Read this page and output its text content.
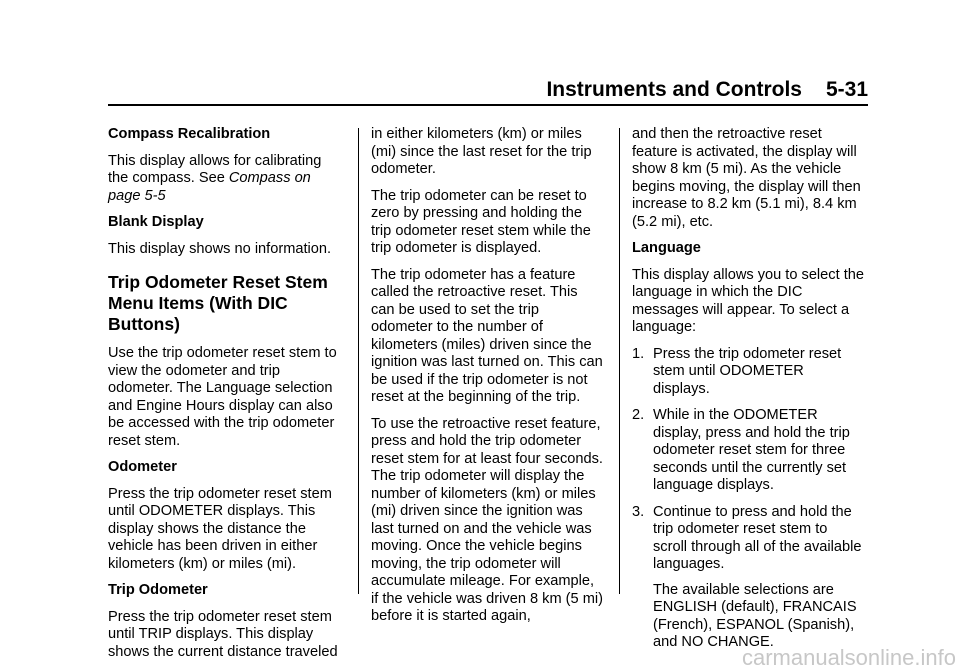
Instruments and Controls 5-31

Compass Recalibration

This display allows for calibrating the compass. See Compass on page 5-5

Blank Display

This display shows no information.

Trip Odometer Reset Stem Menu Items (With DIC Buttons)

Use the trip odometer reset stem to view the odometer and trip odometer. The Language selection and Engine Hours display can also be accessed with the trip odometer reset stem.

Odometer

Press the trip odometer reset stem until ODOMETER displays. This display shows the distance the vehicle has been driven in either kilometers (km) or miles (mi).

Trip Odometer

Press the trip odometer reset stem until TRIP displays. This display shows the current distance traveled

in either kilometers (km) or miles (mi) since the last reset for the trip odometer.

The trip odometer can be reset to zero by pressing and holding the trip odometer reset stem while the trip odometer is displayed.

The trip odometer has a feature called the retroactive reset. This can be used to set the trip odometer to the number of kilometers (miles) driven since the ignition was last turned on. This can be used if the trip odometer is not reset at the beginning of the trip.

To use the retroactive reset feature, press and hold the trip odometer reset stem for at least four seconds. The trip odometer will display the number of kilometers (km) or miles (mi) driven since the ignition was last turned on and the vehicle was moving. Once the vehicle begins moving, the trip odometer will accumulate mileage. For example, if the vehicle was driven 8 km (5 mi) before it is started again,

and then the retroactive reset feature is activated, the display will show 8 km (5 mi). As the vehicle begins moving, the display will then increase to 8.2 km (5.1 mi), 8.4 km (5.2 mi), etc.

Language

This display allows you to select the language in which the DIC messages will appear. To select a language:

1. Press the trip odometer reset stem until ODOMETER displays.
2. While in the ODOMETER display, press and hold the trip odometer reset stem for three seconds until the currently set language displays.
3. Continue to press and hold the trip odometer reset stem to scroll through all of the available languages.
The available selections are ENGLISH (default), FRANCAIS (French), ESPANOL (Spanish), and NO CHANGE.
carmanualsonline.info
